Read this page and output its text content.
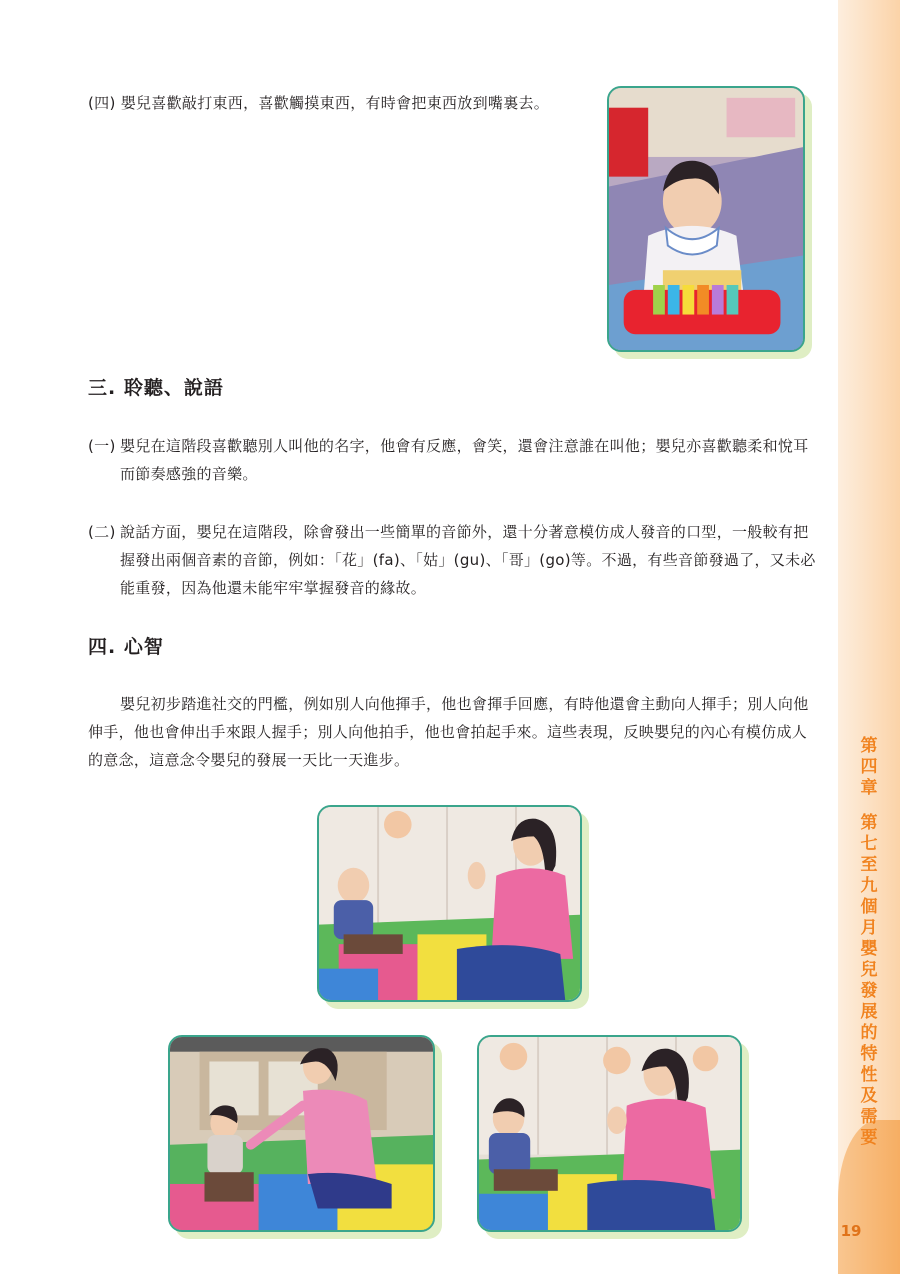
(四) 嬰兒喜歡敲打東西，喜歡觸摸東西，有時會把東西放到嘴裏去。
三. 聆聽、說語
(一) 嬰兒在這階段喜歡聽別人叫他的名字，他會有反應，會笑，還會注意誰在叫他；嬰兒亦喜歡聽柔和悅耳而節奏感強的音樂。
(二) 說話方面，嬰兒在這階段，除會發出一些簡單的音節外，還十分著意模仿成人發音的口型，一般較有把握發出兩個音素的音節，例如：「花」(fa)、「姑」(gu)、「哥」(go)等。不過，有些音節發過了，又未必能重發，因為他還未能牢牢掌握發音的緣故。
四. 心智
嬰兒初步踏進社交的門檻，例如別人向他揮手，他也會揮手回應，有時他還會主動向人揮手；別人向他伸手，他也會伸出手來跟人握手；別人向他拍手，他也會拍起手來。這些表現，反映嬰兒的內心有模仿成人的意念，這意念令嬰兒的發展一天比一天進步。
第
四
章
第
七
至
九
個
月
嬰
兒
發
展
的
特
性
及
需
要
19
